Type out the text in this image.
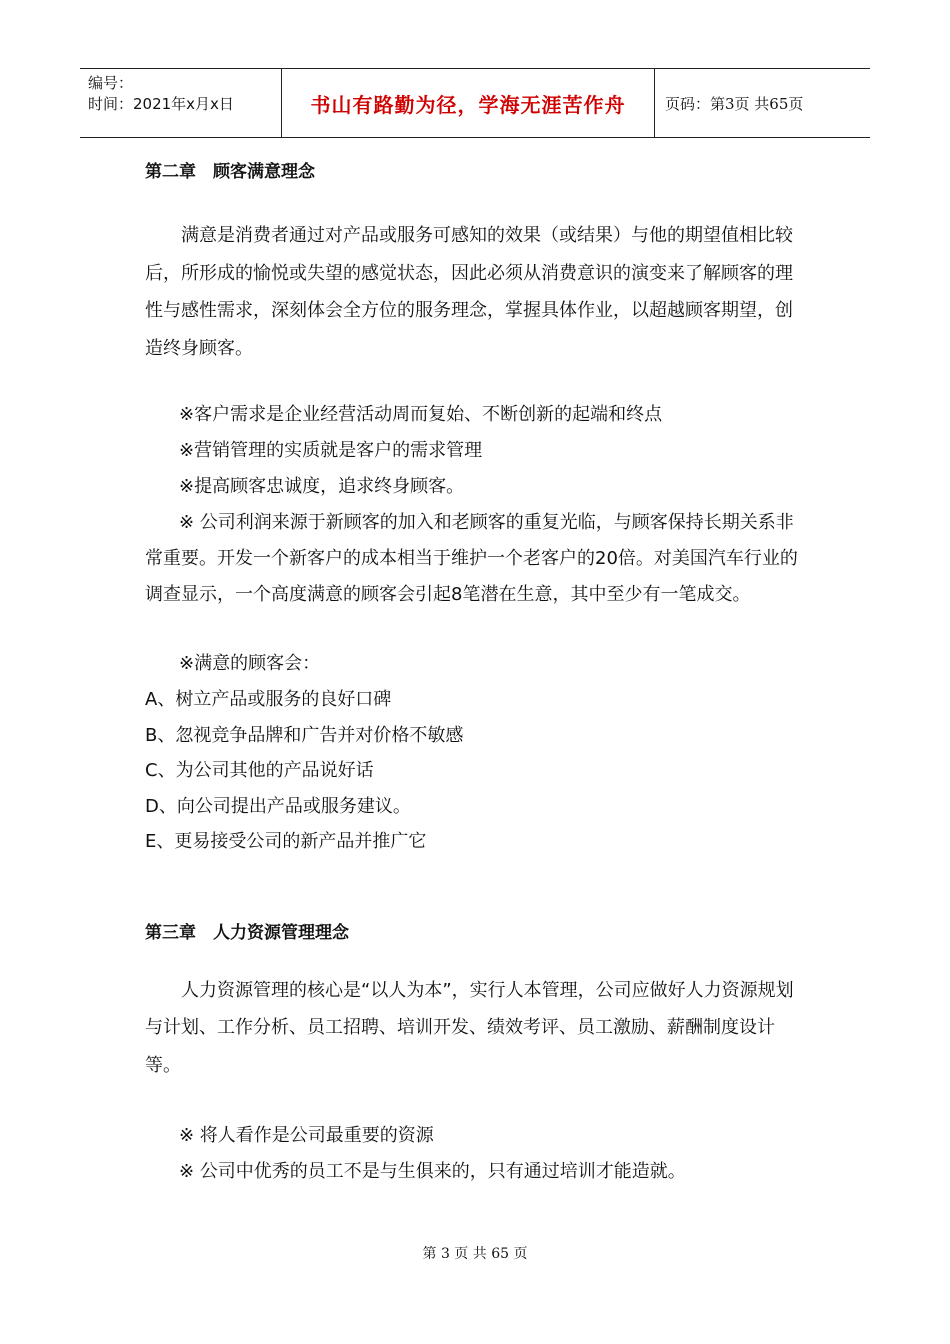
编号：
时间：2021年x月x日	书山有路勤为径，学海无涯苦作舟	页码：第3页 共65页

第二章　顾客满意理念

满意是消费者通过对产品或服务可感知的效果（或结果）与他的期望值相比较后，所形成的愉悦或失望的感觉状态，因此必须从消费意识的演变来了解顾客的理性与感性需求，深刻体会全方位的服务理念，掌握具体作业，以超越顾客期望，创造终身顾客。

※客户需求是企业经营活动周而复始、不断创新的起端和终点

※营销管理的实质就是客户的需求管理

※提高顾客忠诚度，追求终身顾客。

※ 公司利润来源于新顾客的加入和老顾客的重复光临，与顾客保持长期关系非常重要。开发一个新客户的成本相当于维护一个老客户的20倍。对美国汽车行业的调查显示，一个高度满意的顾客会引起8笔潜在生意，其中至少有一笔成交。

※满意的顾客会：

A、树立产品或服务的良好口碑

B、忽视竞争品牌和广告并对价格不敏感

C、为公司其他的产品说好话

D、向公司提出产品或服务建议。

E、更易接受公司的新产品并推广它

第三章　人力资源管理理念

人力资源管理的核心是“以人为本”，实行人本管理，公司应做好人力资源规划与计划、工作分析、员工招聘、培训开发、绩效考评、员工激励、薪酬制度设计等。

※ 将人看作是公司最重要的资源

※ 公司中优秀的员工不是与生俱来的，只有通过培训才能造就。

第 3 页 共 65 页
